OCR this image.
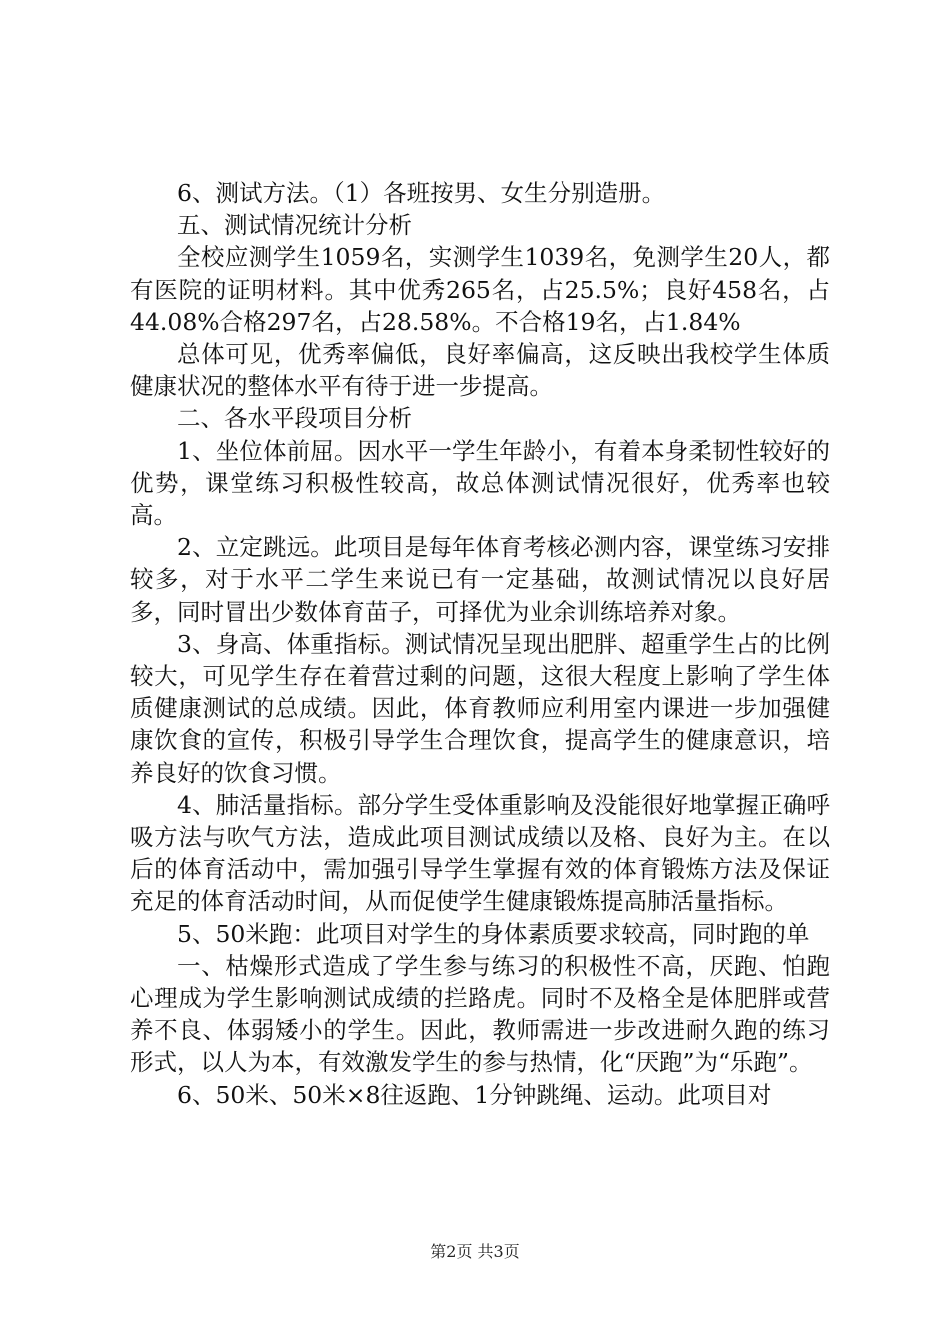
6、测试方法。（1）各班按男、女生分别造册。

五、测试情况统计分析

全校应测学生1059名，实测学生1039名，免测学生20人，都有医院的证明材料。其中优秀265名，占25.5%；良好458名，占44.08%合格297名，占28.58%。不合格19名，占1.84%

总体可见，优秀率偏低，良好率偏高，这反映出我校学生体质健康状况的整体水平有待于进一步提高。

二、各水平段项目分析

1、坐位体前屈。因水平一学生年龄小，有着本身柔韧性较好的优势，课堂练习积极性较高，故总体测试情况很好，优秀率也较高。

2、立定跳远。此项目是每年体育考核必测内容，课堂练习安排较多，对于水平二学生来说已有一定基础，故测试情况以良好居多，同时冒出少数体育苗子，可择优为业余训练培养对象。

3、身高、体重指标。测试情况呈现出肥胖、超重学生占的比例较大，可见学生存在着营过剩的问题，这很大程度上影响了学生体质健康测试的总成绩。因此，体育教师应利用室内课进一步加强健康饮食的宣传，积极引导学生合理饮食，提高学生的健康意识，培养良好的饮食习惯。

4、肺活量指标。部分学生受体重影响及没能很好地掌握正确呼吸方法与吹气方法，造成此项目测试成绩以及格、良好为主。在以后的体育活动中，需加强引导学生掌握有效的体育锻炼方法及保证充足的体育活动时间，从而促使学生健康锻炼提高肺活量指标。

5、50米跑：此项目对学生的身体素质要求较高，同时跑的单

一、枯燥形式造成了学生参与练习的积极性不高，厌跑、怕跑心理成为学生影响测试成绩的拦路虎。同时不及格全是体肥胖或营养不良、体弱矮小的学生。因此，教师需进一步改进耐久跑的练习形式，以人为本，有效激发学生的参与热情，化“厌跑”为“乐跑”。

6、50米、50米×8往返跑、1分钟跳绳、运动。此项目对

第2页 共3页
